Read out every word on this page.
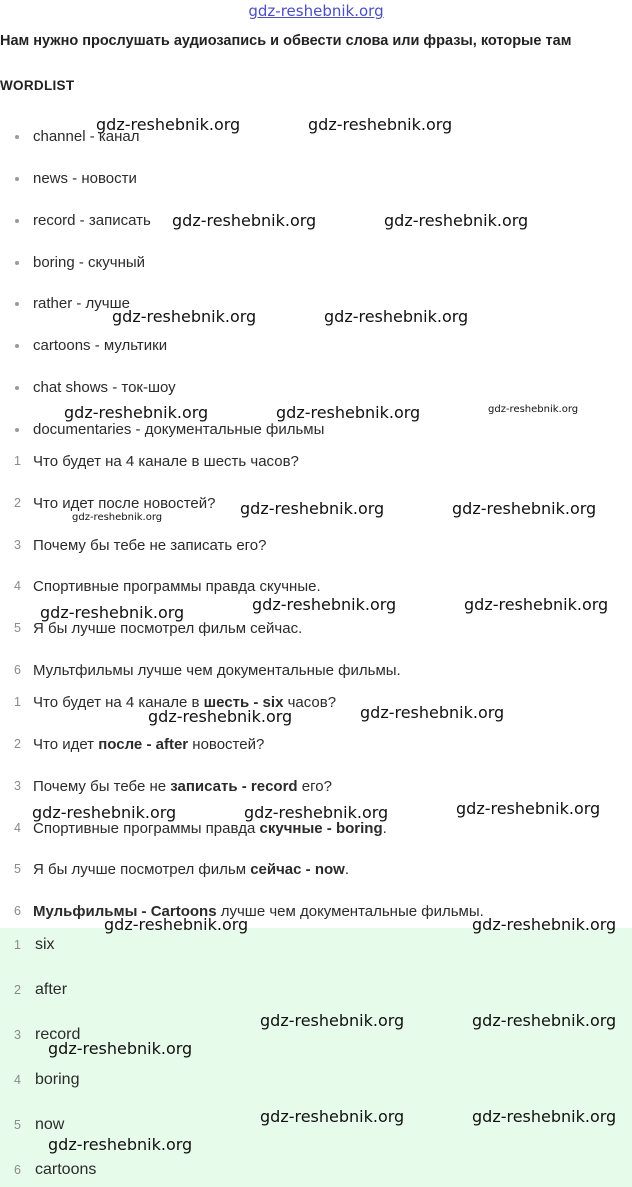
gdz-reshebnik.org
Нам нужно прослушать аудиозапись и обвести слова или фразы, которые там
WORDLIST
channel - канал
news - новости
record - записать
boring - скучный
rather - лучше
cartoons - мультики
chat shows - ток-шоу
documentaries - документальные фильмы
1 Что будет на 4 канале в шесть часов?
2 Что идет после новостей?
3 Почему бы тебе не записать его?
4 Спортивные программы правда скучные.
5 Я бы лучше посмотрел фильм сейчас.
6 Мультфильмы лучше чем документальные фильмы.
1 Что будет на 4 канале в шесть - six часов?
2 Что идет после - after новостей?
3 Почему бы тебе не записать - record его?
4 Спортивные программы правда скучные - boring.
5 Я бы лучше посмотрел фильм сейчас - now.
6 Мульфильмы - Cartoons лучше чем документальные фильмы.
1 six
2 after
3 record
4 boring
5 now
6 cartoons
gdz-reshebnik.org	gdz-reshebnik.org
gdz-reshebnik.org	gdz-reshebnik.org
gdz-reshebnik.org	gdz-reshebnik.org
gdz-reshebnik.org	gdz-reshebnik.org	gdz-reshebnik.org
gdz-reshebnik.org	gdz-reshebnik.org
gdz-reshebnik.org
gdz-reshebnik.org	gdz-reshebnik.org
gdz-reshebnik.org
gdz-reshebnik.org
gdz-reshebnik.org
gdz-reshebnik.org
gdz-reshebnik.org	gdz-reshebnik.org
gdz-reshebnik.org	gdz-reshebnik.org
gdz-reshebnik.org	gdz-reshebnik.org
gdz-reshebnik.org
gdz-reshebnik.org	gdz-reshebnik.org
gdz-reshebnik.org
